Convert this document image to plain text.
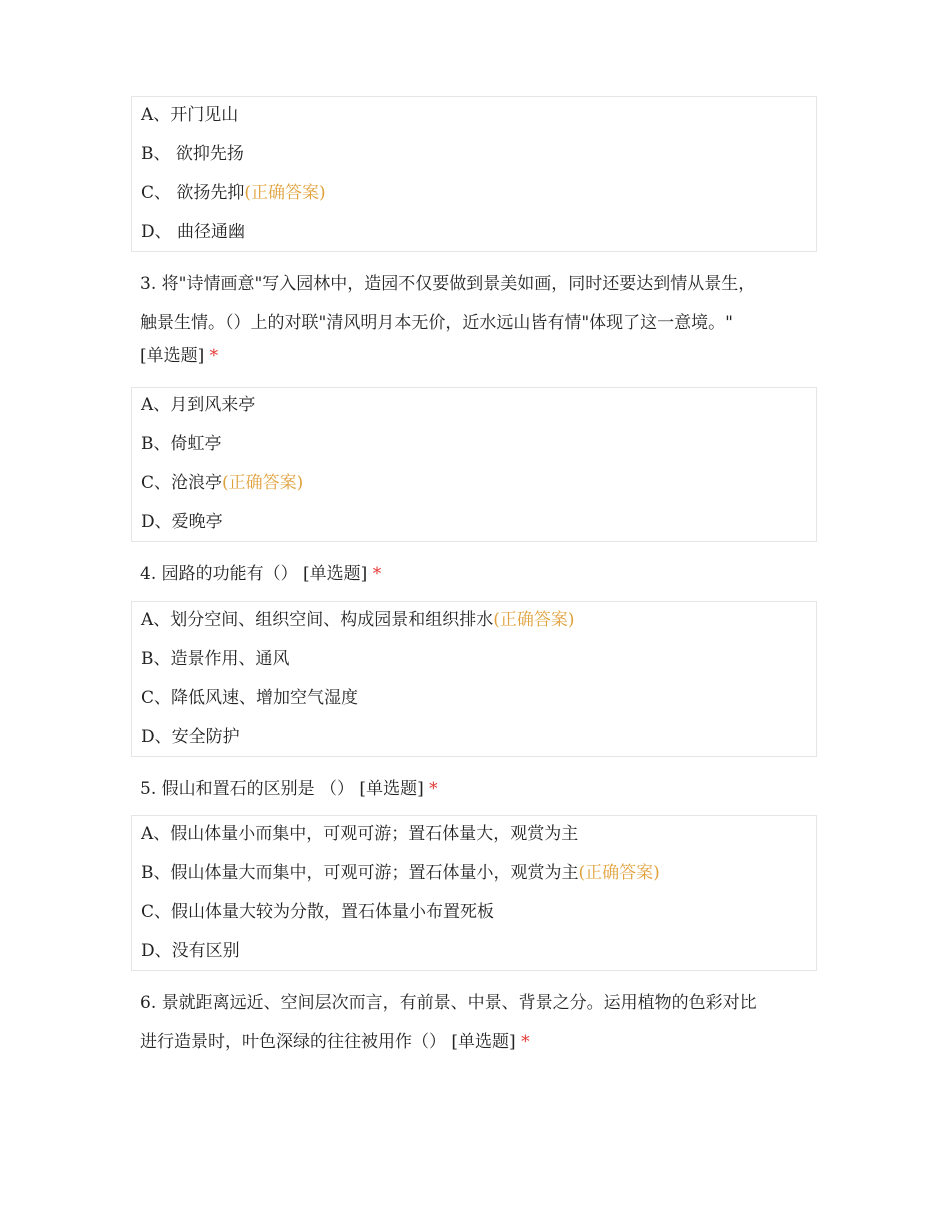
A、开门见山
B、 欲抑先扬
C、 欲扬先抑(正确答案)
D、 曲径通幽
3. 将"诗情画意"写入园林中，造园不仅要做到景美如画，同时还要达到情从景生，
触景生情。（）上的对联"清风明月本无价，近水远山皆有情"体现了这一意境。"
[单选题] *
A、月到风来亭
B、倚虹亭
C、沧浪亭(正确答案)
D、爱晚亭
4. 园路的功能有（） [单选题] *
A、划分空间、组织空间、构成园景和组织排水(正确答案)
B、造景作用、通风
C、降低风速、增加空气湿度
D、安全防护
5. 假山和置石的区别是 （） [单选题] *
A、假山体量小而集中，可观可游；置石体量大，观赏为主
B、假山体量大而集中，可观可游；置石体量小，观赏为主(正确答案)
C、假山体量大较为分散，置石体量小布置死板
D、没有区别
6. 景就距离远近、空间层次而言，有前景、中景、背景之分。运用植物的色彩对比
进行造景时，叶色深绿的往往被用作（） [单选题] *
